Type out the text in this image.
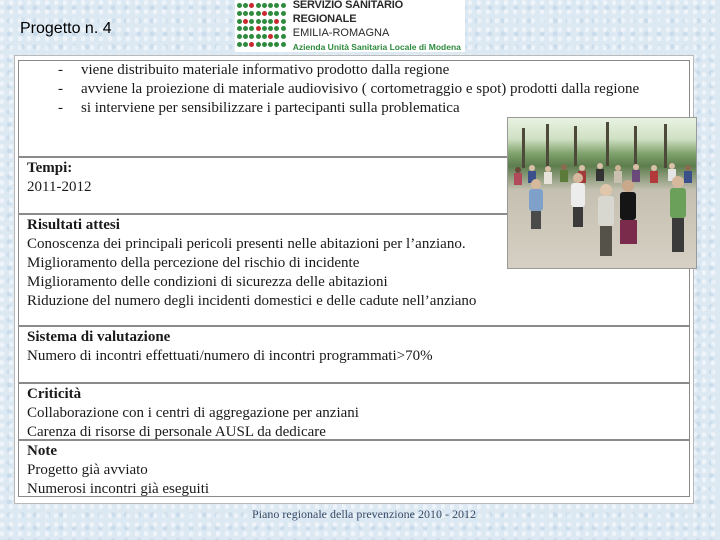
Progetto n. 4
SERVIZIO SANITARIO REGIONALE
EMILIA-ROMAGNA
Azienda Unità Sanitaria Locale di Modena
- viene distribuito materiale informativo prodotto dalla regione
- avviene la proiezione di materiale audiovisivo ( cortometraggio e spot) prodotti dalla regione
- si interviene per sensibilizzare i partecipanti sulla problematica
Tempi:
2011-2012
Risultati attesi
Conoscenza dei principali pericoli presenti nelle abitazioni per l’anziano.
Miglioramento della percezione del rischio di incidente
Miglioramento delle condizioni di sicurezza delle abitazioni
Riduzione del numero degli incidenti domestici e delle cadute nell’anziano
Sistema di valutazione
Numero di incontri effettuati/numero di incontri programmati>70%
Criticità
Collaborazione con i centri di aggregazione per anziani
Carenza di risorse di personale AUSL da dedicare
Note
Progetto già avviato
Numerosi incontri già eseguiti
Piano regionale della prevenzione 2010 - 2012
